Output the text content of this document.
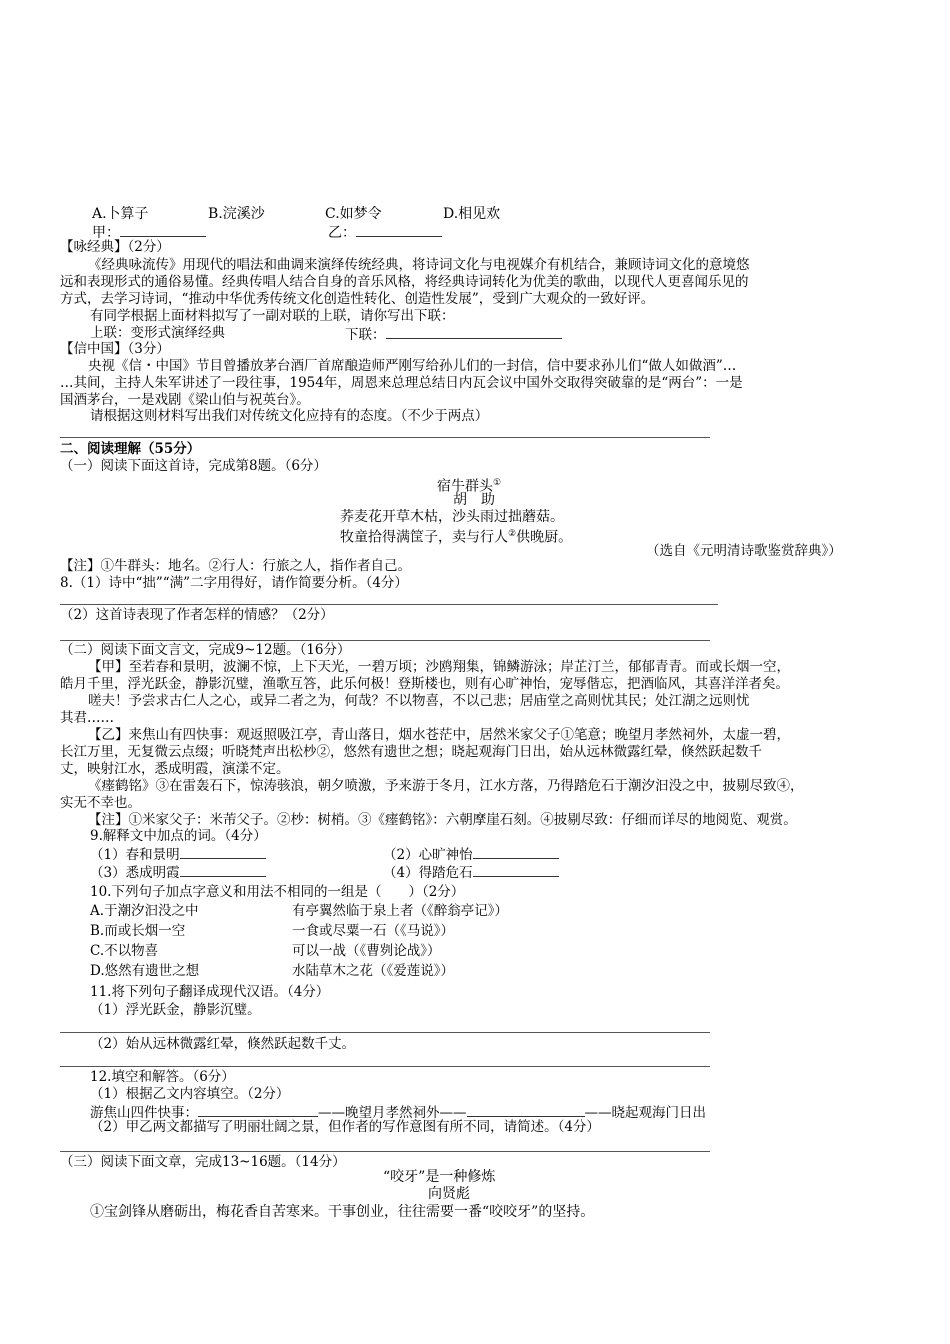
A.卜算子	B.浣溪沙	C.如梦令	D.相见欢
甲：	乙：
【咏经典】（2分）
《经典咏流传》用现代的唱法和曲调来演绎传统经典，将诗词文化与电视媒介有机结合，兼顾诗词文化的意境悠
远和表现形式的通俗易懂。经典传唱人结合自身的音乐风格，将经典诗词转化为优美的歌曲，以现代人更喜闻乐见的
方式，去学习诗词，“推动中华优秀传统文化创造性转化、创造性发展”，受到广大观众的一致好评。
有同学根据上面材料拟写了一副对联的上联，请你写出下联：
上联：变形式演绎经典	下联：
【信中国】（3分）
央视《信・中国》节目曾播放茅台酒厂首席酿造师严刚写给孙儿们的一封信，信中要求孙儿们“做人如做酒”…
…其间，主持人朱军讲述了一段往事，1954年，周恩来总理总结日内瓦会议中国外交取得突破靠的是“两台”：一是
国酒茅台，一是戏剧《梁山伯与祝英台》。
请根据这则材料写出我们对传统文化应持有的态度。（不少于两点）
二、阅读理解（55分）
（一）阅读下面这首诗，完成第8题。（6分）
宿牛群头①
胡　助
荞麦花开草木枯，沙头雨过拙蘑菇。
牧童拾得满筐子，卖与行人②供晚厨。
（选自《元明清诗歌鉴赏辞典》）
【注】①牛群头：地名。②行人：行旅之人，指作者自己。
8.（1）诗中“拙”“满”二字用得好，请作简要分析。（4分）
（2）这首诗表现了作者怎样的情感？（2分）
（二）阅读下面文言文，完成9~12题。（16分）
【甲】至若春和景明，波澜不惊，上下天光，一碧万顷；沙鸥翔集，锦鳞游泳；岸芷汀兰，郁郁青青。而或长烟一空，
皓月千里，浮光跃金，静影沉璧，渔歌互答，此乐何极！登斯楼也，则有心旷神怡，宠辱偕忘，把酒临风，其喜洋洋者矣。
嗟夫！予尝求古仁人之心，或异二者之为，何哉？不以物喜，不以己悲；居庙堂之高则忧其民；处江湖之远则忧
其君……
【乙】来焦山有四快事：观返照吸江亭，青山落日，烟水苍茫中，居然米家父子①笔意；晚望月孝然祠外，太虚一碧，
长江万里，无复微云点缀；听晓梵声出松杪②，悠然有遗世之想；晓起观海门日出，始从远林微露红晕，倏然跃起数千
丈，映射江水，悉成明霞，演漾不定。
《瘗鹤铭》③在雷轰石下，惊涛骇浪，朝夕喷激，予来游于冬月，江水方落，乃得踏危石于潮汐汩没之中，披剔尽致④，
实无不幸也。
【注】①米家父子：米芾父子。②杪：树梢。③《瘗鹤铭》：六朝摩崖石刻。④披剔尽致：仔细而详尽的地阅览、观赏。
9.解释文中加点的词。（4分）
（1）春和景明	（2）心旷神怡
（3）悉成明霞	（4）得踏危石
10.下列句子加点字意义和用法不相同的一组是（　　）（2分）
A.于潮汐汩没之中	有亭翼然临于泉上者（《醉翁亭记》）
B.而或长烟一空	一食或尽粟一石（《马说》）
C.不以物喜	可以一战（《曹刿论战》）
D.悠然有遗世之想	水陆草木之花（《爱莲说》）
11.将下列句子翻译成现代汉语。（4分）
（1）浮光跃金，静影沉璧。
（2）始从远林微露红晕，倏然跃起数千丈。
12.填空和解答。（6分）
（1）根据乙文内容填空。（2分）
游焦山四件快事：	——晚望月孝然祠外——	——晓起观海门日出
（2）甲乙两文都描写了明丽壮阔之景，但作者的写作意图有所不同，请简述。（4分）
（三）阅读下面文章，完成13~16题。（14分）
“咬牙”是一种修炼
向贤彪
①宝剑锋从磨砺出，梅花香自苦寒来。干事创业，往往需要一番“咬咬牙”的坚持。
